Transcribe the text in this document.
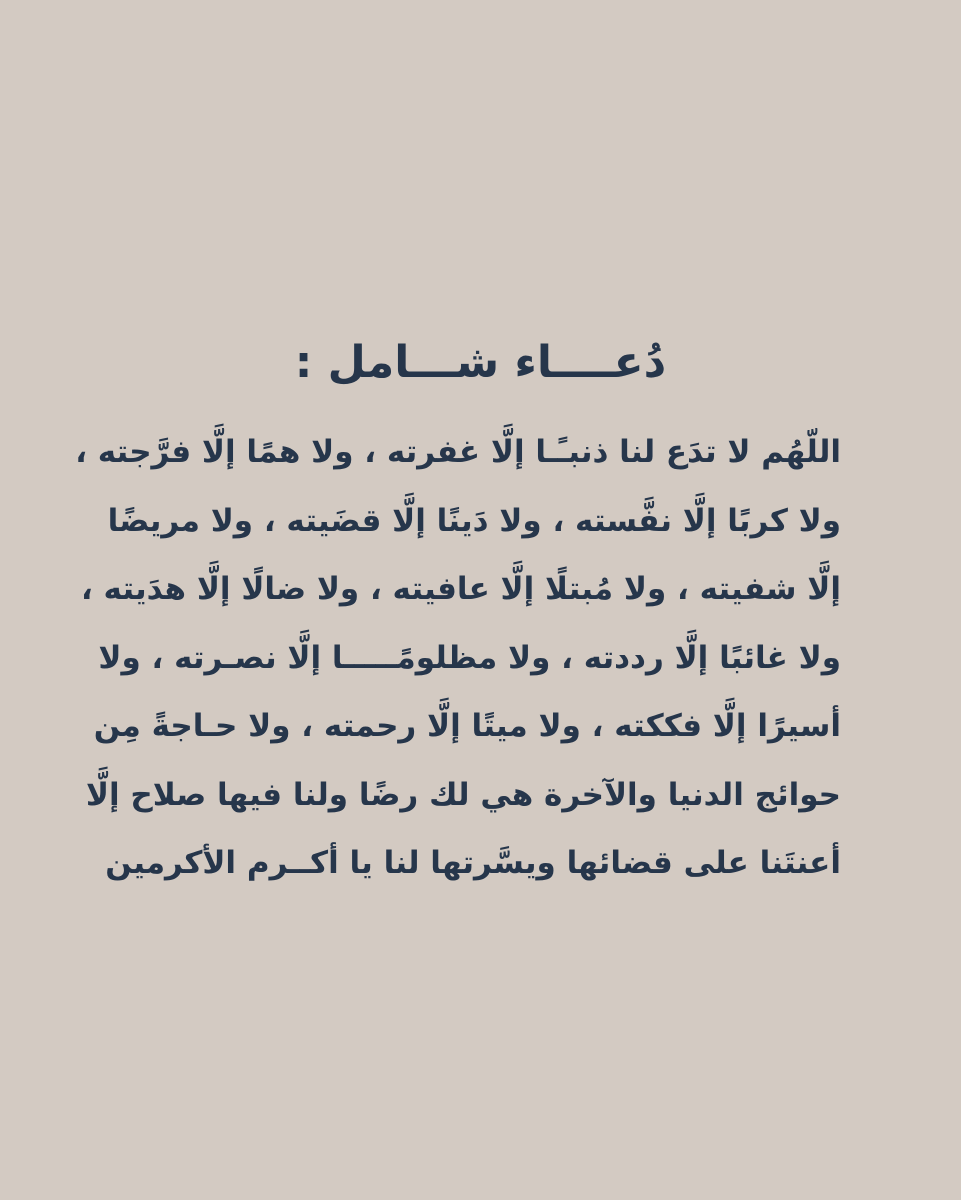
دُعــــاء شـــامل :
اللّهُم لا تدَع لنا ذنبـًـا إلَّا غفرته ، ولا همًا إلَّا فرَّجته ،
ولا كربًا إلَّا نفَّسته ، ولا دَينًا إلَّا قضَيته ، ولا مريضًا
إلَّا شفيته ، ولا مُبتلًا إلَّا عافيته ، ولا ضالًا إلَّا هدَيته ،
ولا غائبًا إلَّا رددته ، ولا مظلومًـــــا إلَّا نصـرته ، ولا
أسيرًا إلَّا فككته ، ولا ميتًا إلَّا رحمته ، ولا حـاجةً مِن
حوائج الدنيا والآخرة هي لك رضًا ولنا فيها صلاح إلَّا
أعنتَنا على قضائها ويسَّرتها لنا يا أكــرم الأكرمين
